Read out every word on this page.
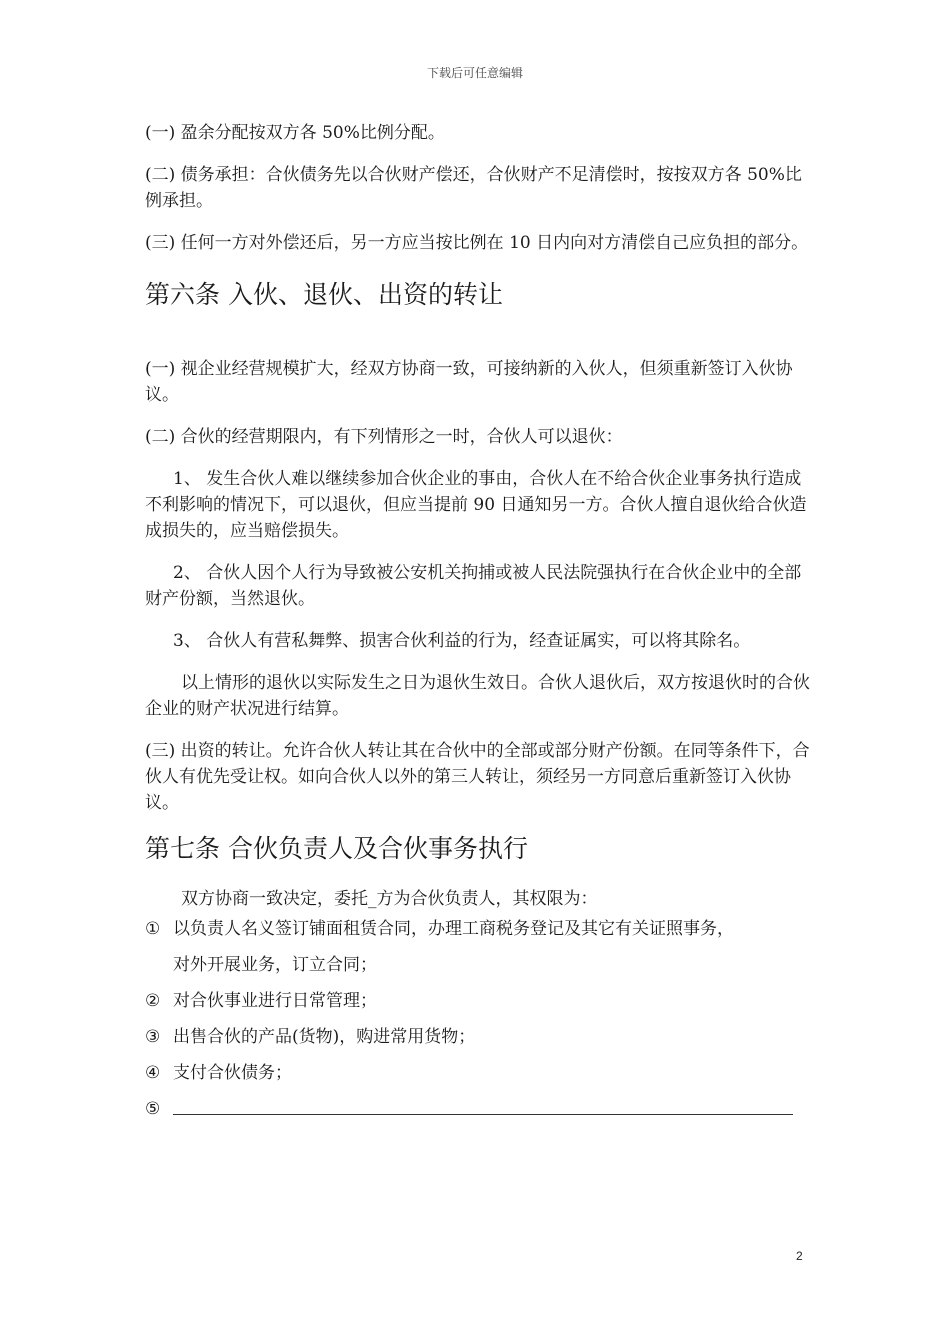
下载后可任意编辑

(一) 盈余分配按双方各 50%比例分配。

(二) 债务承担：合伙债务先以合伙财产偿还，合伙财产不足清偿时，按按双方各 50%比例承担。

(三) 任何一方对外偿还后，另一方应当按比例在 10 日内向对方清偿自己应负担的部分。

第六条 入伙、退伙、出资的转让

(一) 视企业经营规模扩大，经双方协商一致，可接纳新的入伙人，但须重新签订入伙协议。

(二) 合伙的经营期限内，有下列情形之一时，合伙人可以退伙：

1、 发生合伙人难以继续参加合伙企业的事由，合伙人在不给合伙企业事务执行造成不利影响的情况下，可以退伙，但应当提前 90 日通知另一方。合伙人擅自退伙给合伙造成损失的，应当赔偿损失。

2、 合伙人因个人行为导致被公安机关拘捕或被人民法院强执行在合伙企业中的全部财产份额，当然退伙。

3、 合伙人有营私舞弊、损害合伙利益的行为，经查证属实，可以将其除名。

以上情形的退伙以实际发生之日为退伙生效日。合伙人退伙后，双方按退伙时的合伙企业的财产状况进行结算。

(三) 出资的转让。允许合伙人转让其在合伙中的全部或部分财产份额。在同等条件下，合伙人有优先受让权。如向合伙人以外的第三人转让，须经另一方同意后重新签订入伙协议。

第七条 合伙负责人及合伙事务执行

双方协商一致决定，委托_方为合伙负责人，其权限为：

① 以负责人名义签订铺面租赁合同，办理工商税务登记及其它有关证照事务，
对外开展业务，订立合同；
② 对合伙事业进行日常管理；
③ 出售合伙的产品(货物)，购进常用货物；
④ 支付合伙债务；
⑤
2
